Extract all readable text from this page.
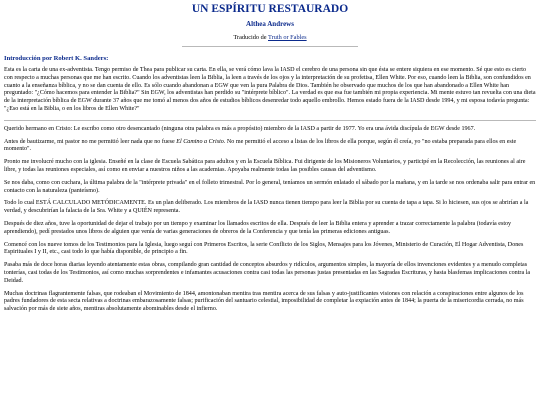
UN ESPÍRITU RESTAURADO
Althea Andrews
Traducido de Truth or Fables
Introducción por Robert K. Sanders:

Esta es la carta de una ex-adventista. Tengo permiso de Thea para publicar su carta. En ella, se verá cómo lava la IASD el cerebro de una persona sin que ésta se entere siquiera en ese momento. Sé que esto es cierto con respecto a muchas personas que me han escrito. Cuando los adventistas leen la Biblia, la leen a través de los ojos y la interpretación de su profetisa, Ellen White. Por eso, cuando leen la Biblia, son confundidos en cuanto a la enseñanza bíblica, y no se dan cuenta de ello. Es sólo cuando abandonan a EGW que ven la pura Palabra de Dios. También he observado que muchos de los que han abandonado a Ellen White han preguntado: "¿Cómo hacemos para entender la Biblia?" Sin EGW, los adventistas han perdido su "intérprete bíblico". La verdad es que esa fue también mi propia experiencia. Mi mente estuvo tan revuelta con una dieta de la interpretación bíblica de EGW durante 37 años que me tomó al menos dos años de estudios bíblicos desenredar todo aquello embrollo. Hemos estado fuera de la IASD desde 1994, y mi esposa todavía pregunta: "¿Eso está en la Biblia, o en los libros de Ellen White?"

Querido hermano en Cristo: Le escribo como otro desencantado (ninguna otra palabra es más a propósito) miembro de la IASD a partir de 1977. Yo era una ávida discípula de EGW desde 1967.

Antes de bautizarme, mi pastor no me permitió leer nada que no fuese El Camino a Cristo. No me permitió el acceso a listas de los libros de ella porque, según él creía, yo "no estaba preparada para ellos en este momento".

Pronto me involucré mucho con la iglesia. Enseñé en la clase de Escuela Sabática para adultos y en la Escuela Bíblica. Fui dirigente de los Misioneros Voluntarios, y participé en la Recolección, las reuniones al aire libre, y todas las reuniones especiales, así como en enviar a nuestros niños a las academias. Apoyaba realmente todas las posibles causas del adventismo.

Se nos daba, como con cuchara, la última palabra de la "intérprete privada" en el folleto trimestral. Por lo general, teníamos un sermón enlatado el sábado por la mañana, y en la tarde se nos ordenaba salir para entrar en contacto con la naturaleza (panteísmo).

Todo lo cual ESTÁ CALCULADO METÓDICAMENTE. Es un plan deliberado. Los miembros de la IASD nunca tienen tiempo para leer la Biblia por su cuenta de tapa a tapa. Si lo hiciesen, sus ojos se abrirían a la verdad, y descubrirían la falacia de la Sra. White y a QUIÉN representa.

Después de diez años, tuve la oportunidad de dejar el trabajo por un tiempo y examinar los llamados escritos de ella. Después de leer la Biblia entera y aprender a trazar correctamente la palabra (todavía estoy aprendiendo), pedí prestados unos libros de alguien que venía de varias generaciones de obreros de la Conferencia y que tenía las primeras ediciones antiguas.

Comencé con los nueve tomos de los Testimonios para la Iglesia, luego seguí con Primeros Escritos, la serie Conflicto de los Siglos, Mensajes para los Jóvenes, Ministerio de Curación, El Hogar Adventista, Dones Espirituales I y II, etc., casi todo lo que había disponible, de principio a fin.

Pasaba más de doce horas diarias leyendo atentamente estas obras, compilando gran cantidad de conceptos absurdos y ridículos, argumentos simples, la mayoría de ellos invenciones evidentes y a menudo completas tonterías, casi todas de los Testimonios, así como muchas sorprendentes e infamantes acusaciones contra casi todas las personas justas presentadas en las Sagradas Escrituras, y hasta blasfemas implicaciones contra la Deidad.

Muchas doctrinas flagrantemente falsas, que rodeaban el Movimiento de 1844, amontonaban mentira tras mentira acerca de sus falsas y auto-justificantes visiones con relación a conspiraciones entre algunos de los padres fundadores de esta secta relativas a doctrinas embarazosamente falsas; purificación del santuario celestial, imposibilidad de completar la expiación antes de 1844; la puerta de la misericordia cerrada, no más salvación por más de siete años, mentiras absolutamente abominables desde el infierno.
